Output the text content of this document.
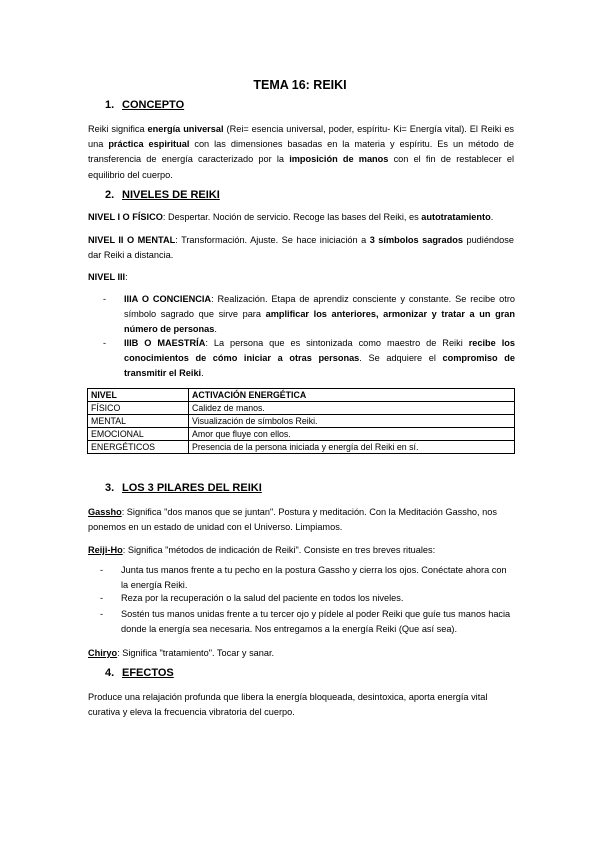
TEMA 16: REIKI
1. CONCEPTO
Reiki significa energía universal (Rei= esencia universal, poder, espíritu- Ki= Energía vital). El Reiki es una práctica espiritual con las dimensiones basadas en la materia y espíritu. Es un método de transferencia de energía caracterizado por la imposición de manos con el fin de restablecer el equilibrio del cuerpo.
2. NIVELES DE REIKI
NIVEL I O FÍSICO: Despertar. Noción de servicio. Recoge las bases del Reiki, es autotratamiento.
NIVEL II O MENTAL: Transformación. Ajuste. Se hace iniciación a 3 símbolos sagrados pudiéndose dar Reiki a distancia.
NIVEL III:
- IIIA O CONCIENCIA: Realización. Etapa de aprendiz consciente y constante. Se recibe otro símbolo sagrado que sirve para amplificar los anteriores, armonizar y tratar a un gran número de personas.
- IIIB O MAESTRÍA: La persona que es sintonizada como maestro de Reiki recibe los conocimientos de cómo iniciar a otras personas. Se adquiere el compromiso de transmitir el Reiki.
NIVEL	ACTIVACIÓN ENERGÉTICA
FÍSICO	Calidez de manos.
MENTAL	Visualización de símbolos Reiki.
EMOCIONAL	Amor que fluye con ellos.
ENERGÉTICOS	Presencia de la persona iniciada y energía del Reiki en sí.
3. LOS 3 PILARES DEL REIKI
Gassho: Significa "dos manos que se juntan". Postura y meditación. Con la Meditación Gassho, nos ponemos en un estado de unidad con el Universo. Limpiamos.
Reiji-Ho: Significa "métodos de indicación de Reiki". Consiste en tres breves rituales:
- Junta tus manos frente a tu pecho en la postura Gassho y cierra los ojos. Conéctate ahora con la energía Reiki.
- Reza por la recuperación o la salud del paciente en todos los niveles.
- Sostén tus manos unidas frente a tu tercer ojo y pídele al poder Reiki que guíe tus manos hacia donde la energía sea necesaria. Nos entregamos a la energía Reiki (Que así sea).
Chiryo: Significa "tratamiento". Tocar y sanar.
4. EFECTOS
Produce una relajación profunda que libera la energía bloqueada, desintoxica, aporta energía vital curativa y eleva la frecuencia vibratoria del cuerpo.
